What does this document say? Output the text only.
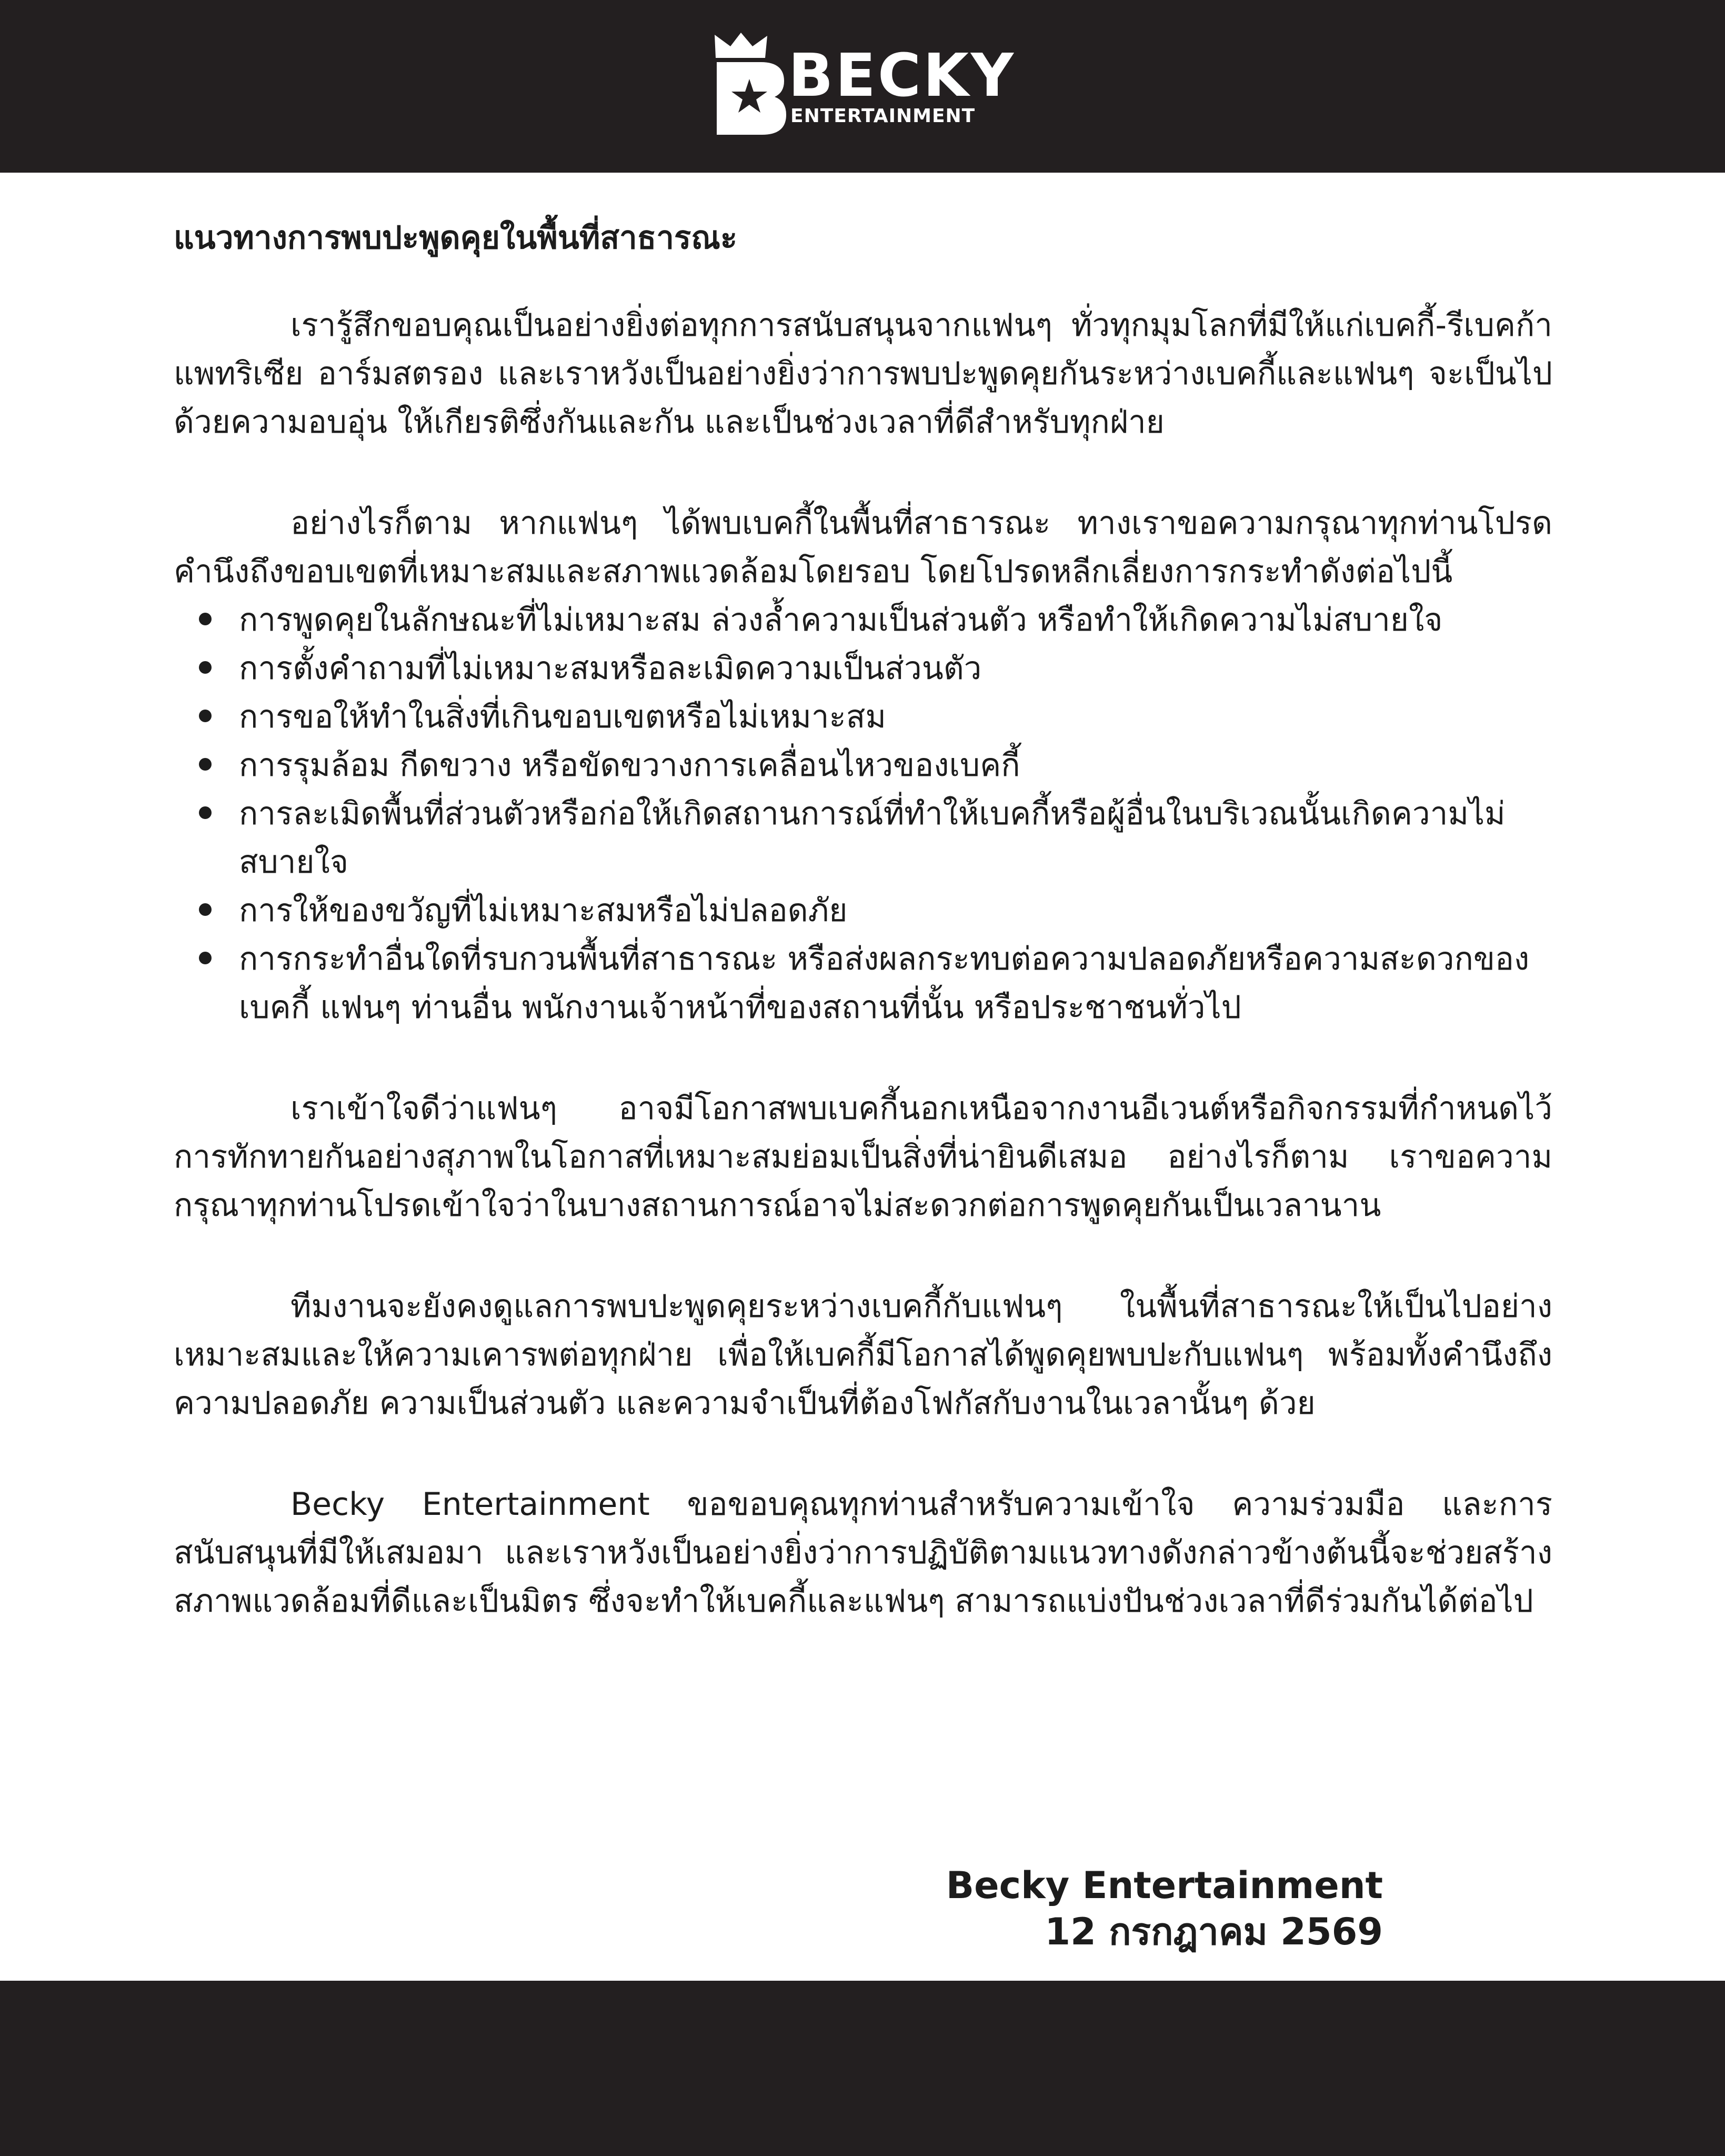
BECKY
ENTERTAINMENT

แนวทางการพบปะพูดคุยในพื้นที่สาธารณะ

เรารู้สึกขอบคุณเป็นอย่างยิ่งต่อทุกการสนับสนุนจากแฟนๆ ทั่วทุกมุมโลกที่มีให้แก่เบคกี้-รีเบคก้า แพทริเซีย อาร์มสตรอง และเราหวังเป็นอย่างยิ่งว่าการพบปะพูดคุยกันระหว่างเบคกี้และแฟนๆ จะเป็นไปด้วยความอบอุ่น ให้เกียรติซึ่งกันและกัน และเป็นช่วงเวลาที่ดีสำหรับทุกฝ่าย

อย่างไรก็ตาม หากแฟนๆ ได้พบเบคกี้ในพื้นที่สาธารณะ ทางเราขอความกรุณาทุกท่านโปรดคำนึงถึงขอบเขตที่เหมาะสมและสภาพแวดล้อมโดยรอบ โดยโปรดหลีกเลี่ยงการกระทำดังต่อไปนี้

การพูดคุยในลักษณะที่ไม่เหมาะสม ล่วงล้ำความเป็นส่วนตัว หรือทำให้เกิดความไม่สบายใจ
การตั้งคำถามที่ไม่เหมาะสมหรือละเมิดความเป็นส่วนตัว
การขอให้ทำในสิ่งที่เกินขอบเขตหรือไม่เหมาะสม
การรุมล้อม กีดขวาง หรือขัดขวางการเคลื่อนไหวของเบคกี้
การละเมิดพื้นที่ส่วนตัวหรือก่อให้เกิดสถานการณ์ที่ทำให้เบคกี้หรือผู้อื่นในบริเวณนั้นเกิดความไม่สบายใจ
การให้ของขวัญที่ไม่เหมาะสมหรือไม่ปลอดภัย
การกระทำอื่นใดที่รบกวนพื้นที่สาธารณะ หรือส่งผลกระทบต่อความปลอดภัยหรือความสะดวกของเบคกี้ แฟนๆ ท่านอื่น พนักงานเจ้าหน้าที่ของสถานที่นั้น หรือประชาชนทั่วไป

เราเข้าใจดีว่าแฟนๆ อาจมีโอกาสพบเบคกี้นอกเหนือจากงานอีเวนต์หรือกิจกรรมที่กำหนดไว้ การทักทายกันอย่างสุภาพในโอกาสที่เหมาะสมย่อมเป็นสิ่งที่น่ายินดีเสมอ อย่างไรก็ตาม เราขอความกรุณาทุกท่านโปรดเข้าใจว่าในบางสถานการณ์อาจไม่สะดวกต่อการพูดคุยกันเป็นเวลานาน

ทีมงานจะยังคงดูแลการพบปะพูดคุยระหว่างเบคกี้กับแฟนๆ ในพื้นที่สาธารณะให้เป็นไปอย่างเหมาะสมและให้ความเคารพต่อทุกฝ่าย เพื่อให้เบคกี้มีโอกาสได้พูดคุยพบปะกับแฟนๆ พร้อมทั้งคำนึงถึงความปลอดภัย ความเป็นส่วนตัว และความจำเป็นที่ต้องโฟกัสกับงานในเวลานั้นๆ ด้วย

Becky Entertainment ขอขอบคุณทุกท่านสำหรับความเข้าใจ ความร่วมมือ และการสนับสนุนที่มีให้เสมอมา และเราหวังเป็นอย่างยิ่งว่าการปฏิบัติตามแนวทางดังกล่าวข้างต้นนี้จะช่วยสร้างสภาพแวดล้อมที่ดีและเป็นมิตร ซึ่งจะทำให้เบคกี้และแฟนๆ สามารถแบ่งปันช่วงเวลาที่ดีร่วมกันได้ต่อไป

Becky Entertainment
12 กรกฎาคม 2569
